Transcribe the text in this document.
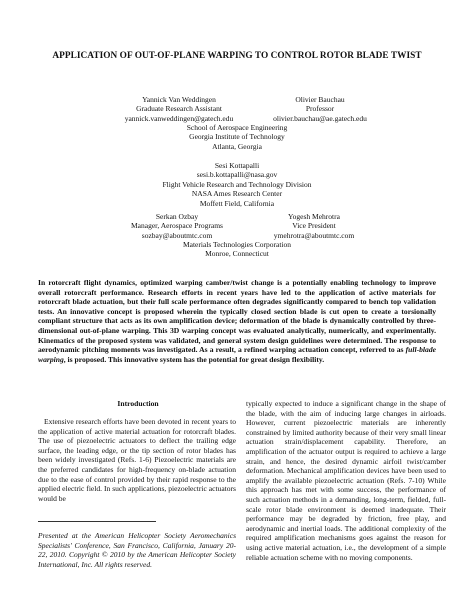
APPLICATION OF OUT-OF-PLANE WARPING TO CONTROL ROTOR BLADE TWIST
Yannick Van Weddingen
Graduate Research Assistant
yannick.vanweddingen@gatech.edu
Olivier Bauchau
Professor
olivier.bauchau@ae.gatech.edu
School of Aerospace Engineering
Georgia Institute of Technology
Atlanta, Georgia
Sesi Kottapalli
sesi.b.kottapalli@nasa.gov
Flight Vehicle Research and Technology Division
NASA Ames Research Center
Moffett Field, California
Serkan Ozbay
Manager, Aerospace Programs
sozbay@aboutmtc.com
Yogesh Mehrotra
Vice President
ymehrotra@aboutmtc.com
Materials Technologies Corporation
Monroe, Connecticut
In rotorcraft flight dynamics, optimized warping camber/twist change is a potentially enabling technology to improve overall rotorcraft performance. Research efforts in recent years have led to the application of active materials for rotorcraft blade actuation, but their full scale performance often degrades significantly compared to bench top validation tests. An innovative concept is proposed wherein the typically closed section blade is cut open to create a torsionally compliant structure that acts as its own amplification device; deformation of the blade is dynamically controlled by three-dimensional out-of-plane warping. This 3D warping concept was evaluated analytically, numerically, and experimentally. Kinematics of the proposed system was validated, and general system design guidelines were determined. The response to aerodynamic pitching moments was investigated. As a result, a refined warping actuation concept, referred to as full-blade warping, is proposed. This innovative system has the potential for great design flexibility.
Introduction

Extensive research efforts have been devoted in recent years to the application of active material actuation for rotorcraft blades. The use of piezoelectric actuators to deflect the trailing edge surface, the leading edge, or the tip section of rotor blades has been widely investigated (Refs. 1-6) Piezoelectric materials are the preferred candidates for high-frequency on-blade actuation due to the ease of control provided by their rapid response to the applied electric field. In such applications, piezoelectric actuators would be

typically expected to induce a significant change in the shape of the blade, with the aim of inducing large changes in airloads. However, current piezoelectric materials are inherently constrained by limited authority because of their very small linear actuation strain/displacement capability. Therefore, an amplification of the actuator output is required to achieve a large strain, and hence, the desired dynamic airfoil twist/camber deformation. Mechanical amplification devices have been used to amplify the available piezoelectric actuation (Refs. 7-10) While this approach has met with some success, the performance of such actuation methods in a demanding, long-term, fielded, full-scale rotor blade environment is deemed inadequate. Their performance may be degraded by friction, free play, and aerodynamic and inertial loads. The additional complexity of the required amplification mechanisms goes against the reason for using active material actuation, i.e., the development of a simple reliable actuation scheme with no moving components.

Presented at the American Helicopter Society Aeromechanics Specialists' Conference, San Francisco, California, January 20-22, 2010. Copyright © 2010 by the American Helicopter Society International, Inc. All rights reserved.
